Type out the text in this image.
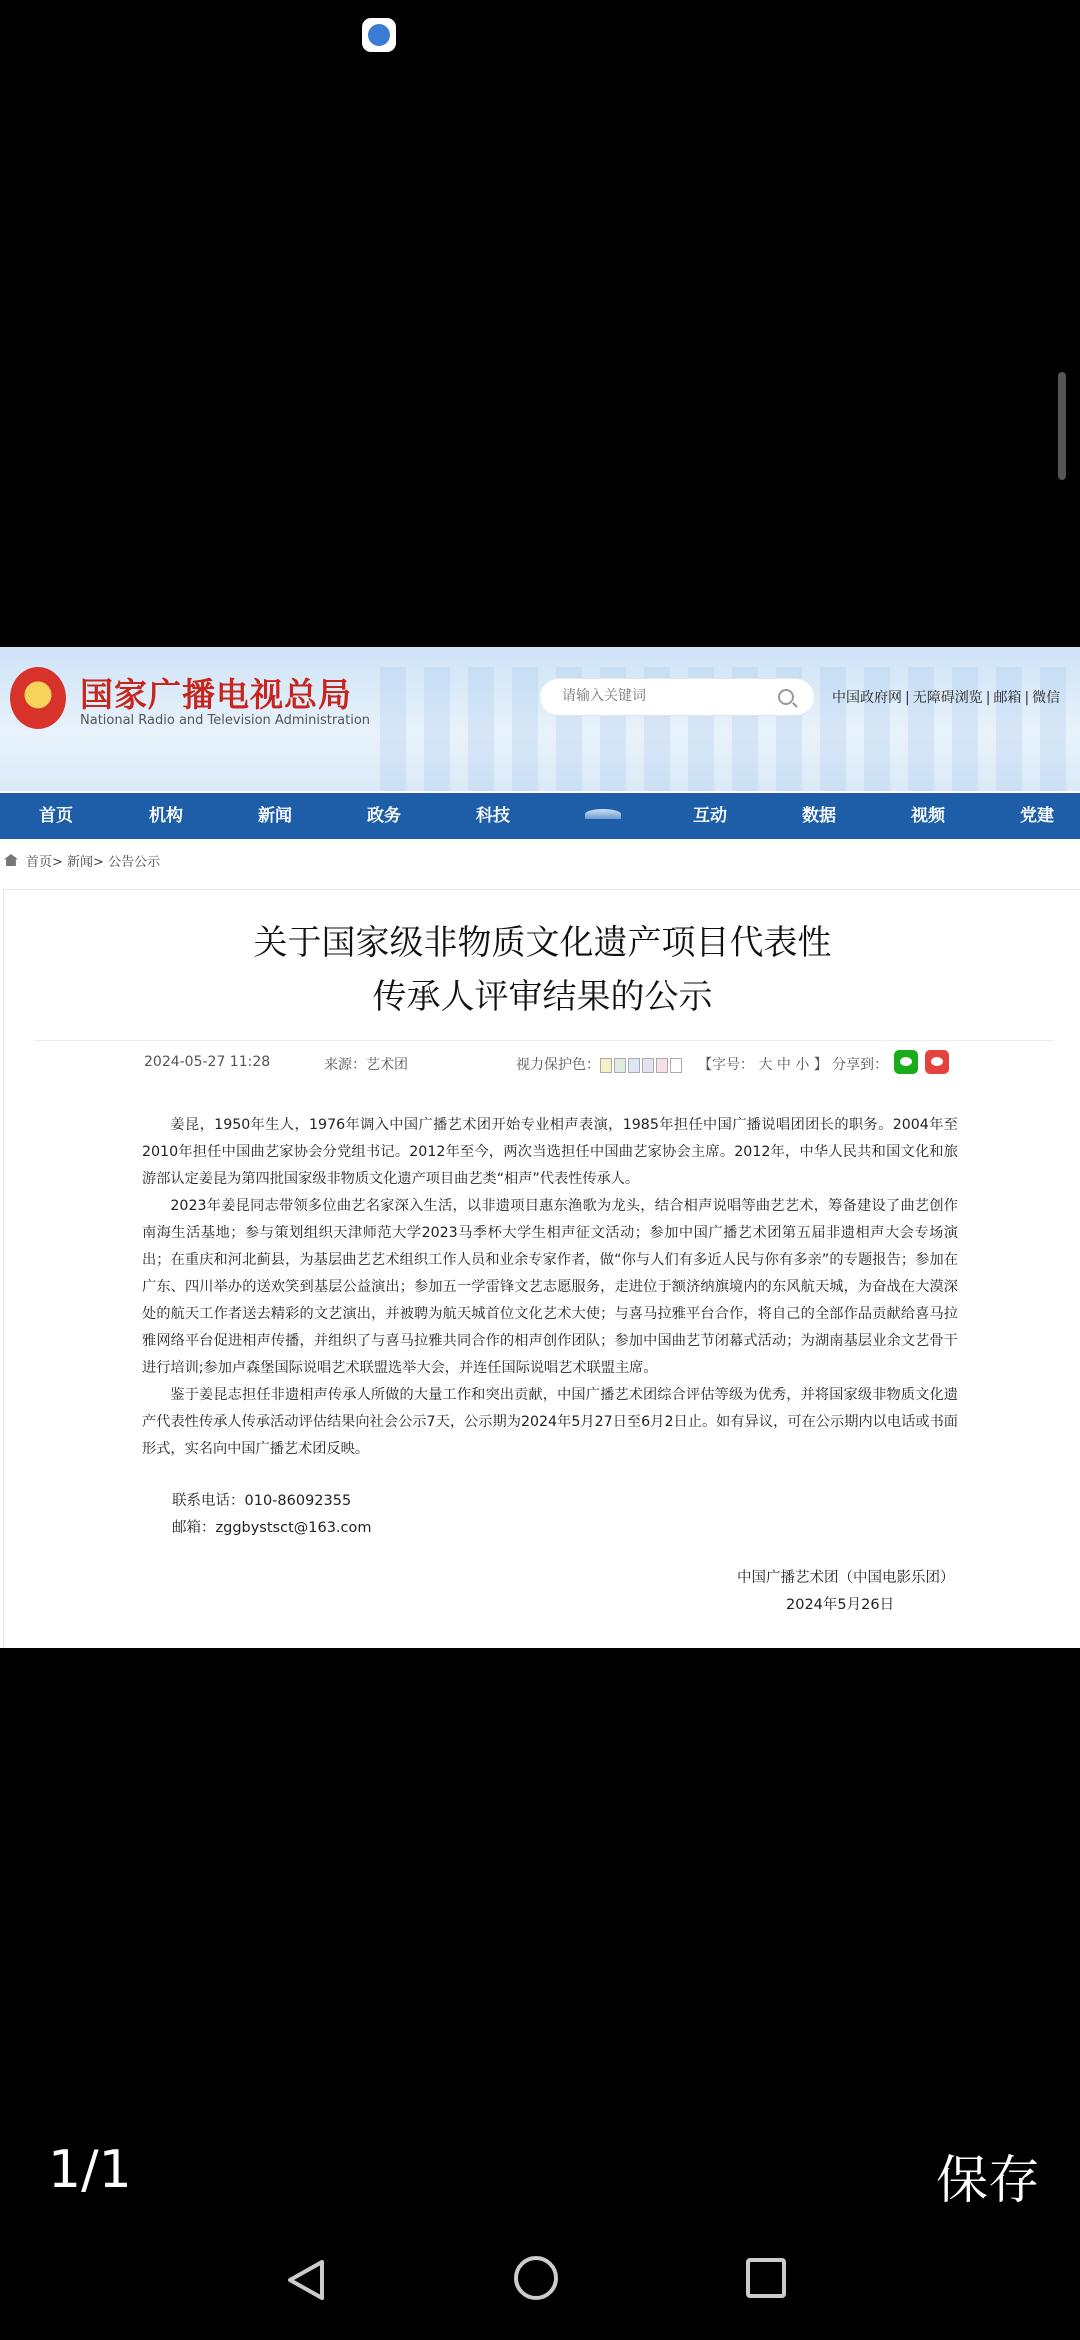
国家广播电视总局
National Radio and Television Administration
请输入关键词
中国政府网 | 无障碍浏览 | 邮箱 | 微信
首页	机构	新闻	政务	科技	互动	数据	视频	党建
首页>
新闻>
公告公示
关于国家级非物质文化遗产项目代表性
传承人评审结果的公示
2024-05-27 11:28	来源：艺术团	视力保护色：	【字号： 大 中 小 】 分享到：

姜昆，1950年生人，1976年调入中国广播艺术团开始专业相声表演，1985年担任中国广播说唱团团长的职务。2004年至2010年担任中国曲艺家协会分党组书记。2012年至今，两次当选担任中国曲艺家协会主席。2012年，中华人民共和国文化和旅游部认定姜昆为第四批国家级非物质文化遗产项目曲艺类“相声”代表性传承人。

2023年姜昆同志带领多位曲艺名家深入生活，以非遗项目惠东渔歌为龙头，结合相声说唱等曲艺艺术，筹备建设了曲艺创作南海生活基地；参与策划组织天津师范大学2023马季杯大学生相声征文活动；参加中国广播艺术团第五届非遗相声大会专场演出；在重庆和河北蓟县，为基层曲艺艺术组织工作人员和业余专家作者，做“你与人们有多近人民与你有多亲”的专题报告；参加在广东、四川举办的送欢笑到基层公益演出；参加五一学雷锋文艺志愿服务，走进位于额济纳旗境内的东风航天城，为奋战在大漠深处的航天工作者送去精彩的文艺演出，并被聘为航天城首位文化艺术大使；与喜马拉雅平台合作，将自己的全部作品贡献给喜马拉雅网络平台促进相声传播，并组织了与喜马拉雅共同合作的相声创作团队；参加中国曲艺节闭幕式活动；为湖南基层业余文艺骨干进行培训;参加卢森堡国际说唱艺术联盟选举大会，并连任国际说唱艺术联盟主席。

鉴于姜昆志担任非遗相声传承人所做的大量工作和突出贡献，中国广播艺术团综合评估等级为优秀，并将国家级非物质文化遗产代表性传承人传承活动评估结果向社会公示7天，公示期为2024年5月27日至6月2日止。如有异议，可在公示期内以电话或书面形式，实名向中国广播艺术团反映。

联系电话：010-86092355
邮箱：zggbystsct@163.com
中国广播艺术团（中国电影乐团）
2024年5月26日
1/1	保存
